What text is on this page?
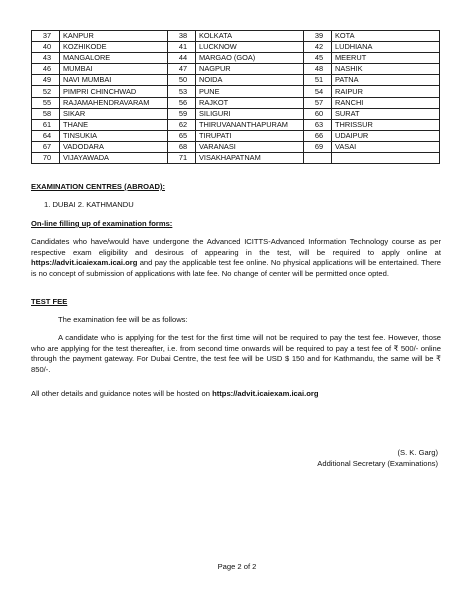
37	KANPUR	38	KOLKATA	39	KOTA
40	KOZHIKODE	41	LUCKNOW	42	LUDHIANA
43	MANGALORE	44	MARGAO (GOA)	45	MEERUT
46	MUMBAI	47	NAGPUR	48	NASHIK
49	NAVI MUMBAI	50	NOIDA	51	PATNA
52	PIMPRI CHINCHWAD	53	PUNE	54	RAIPUR
55	RAJAMAHENDRAVARAM	56	RAJKOT	57	RANCHI
58	SIKAR	59	SILIGURI	60	SURAT
61	THANE	62	THIRUVANANTHAPURAM	63	THRISSUR
64	TINSUKIA	65	TIRUPATI	66	UDAIPUR
67	VADODARA	68	VARANASI	69	VASAI
70	VIJAYAWADA	71	VISAKHAPATNAM		
EXAMINATION CENTRES (ABROAD):
1. DUBAI 2. KATHMANDU
On-line filling up of examination forms:
Candidates who have/would have undergone the Advanced ICITTS-Advanced Information Technology course as per respective exam eligibility and desirous of appearing in the test, will be required to apply online at https://advit.icaiexam.icai.org and pay the applicable test fee online. No physical applications will be entertained. There is no concept of submission of applications with late fee. No change of center will be permitted once opted.
TEST FEE
The examination fee will be as follows:
A candidate who is applying for the test for the first time will not be required to pay the test fee. However, those who are applying for the test thereafter, i.e. from second time onwards will be required to pay a test fee of ₹ 500/- online through the payment gateway. For Dubai Centre, the test fee will be USD $ 150 and for Kathmandu, the same will be ₹ 850/-.
All other details and guidance notes will be hosted on https://advit.icaiexam.icai.org
(S. K. Garg)
Additional Secretary (Examinations)
Page 2 of 2
